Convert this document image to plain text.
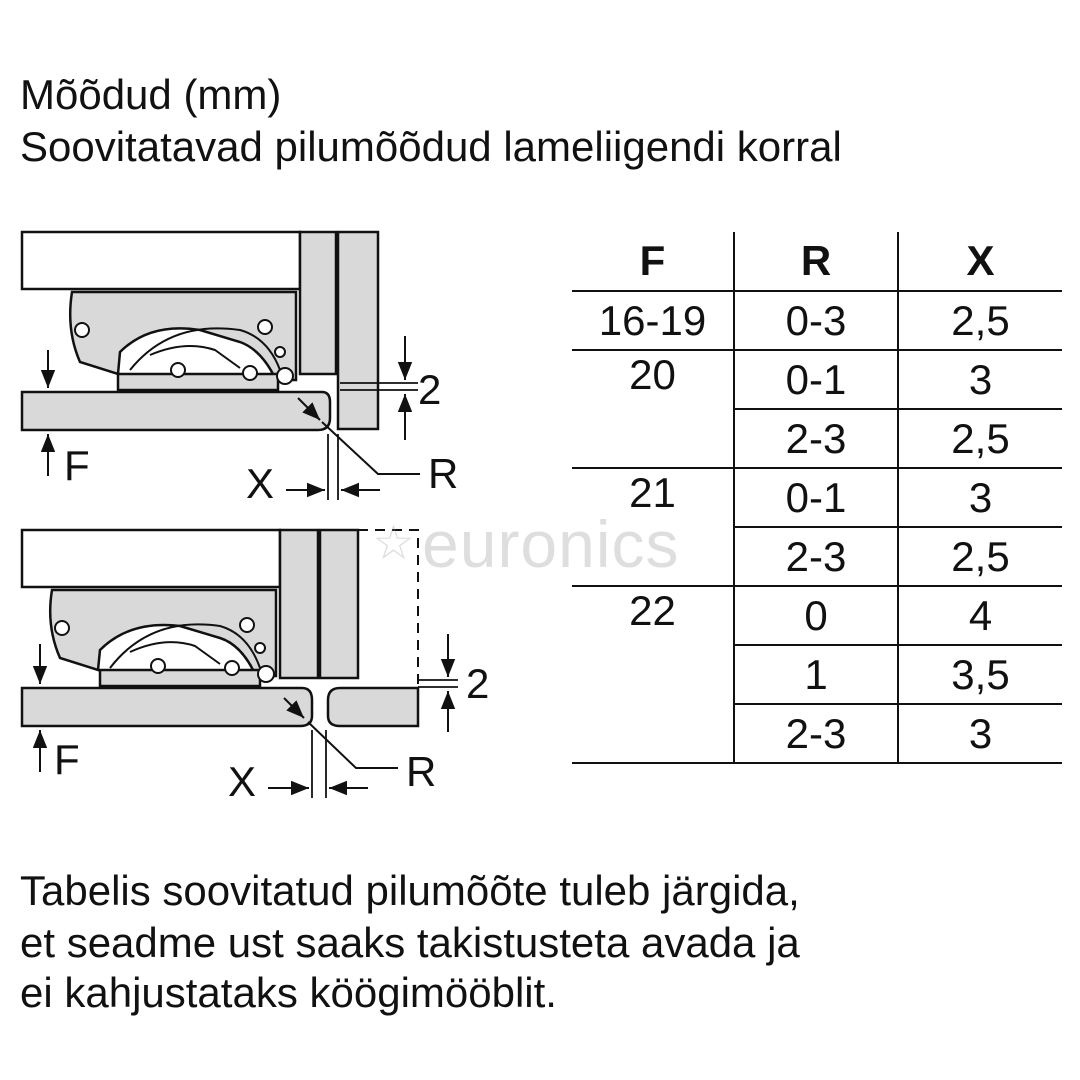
Mõõdud (mm)
Soovitatavad pilumõõdud lameliigendi korral
F
2
R
X
F
2
R
X
☆euronics
F	R	X
16-19	0-3	2,5
20	0-1	3
	2-3	2,5
21	0-1	3
	2-3	2,5
22	0	4
	1	3,5
	2-3	3
Tabelis soovitatud pilumõõte tuleb järgida,
et seadme ust saaks takistusteta avada ja
ei kahjustataks köögimööblit.
